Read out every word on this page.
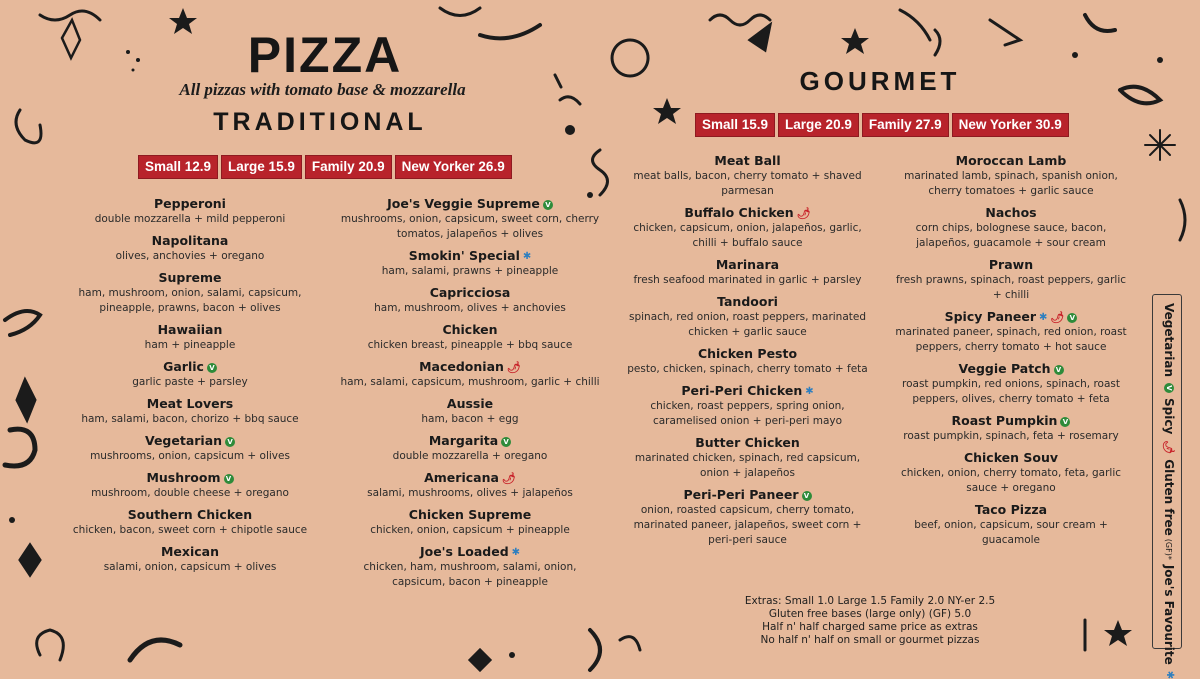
PIZZA
All pizzas with tomato base & mozzarella
TRADITIONAL
GOURMET
Small 12.9	Large 15.9	Family 20.9	New Yorker 26.9
Small 15.9	Large 20.9	Family 27.9	New Yorker 30.9
Pepperoni
double mozzarella + mild pepperoni
Napolitana
olives, anchovies + oregano
Supreme
ham, mushroom, onion, salami, capsicum, pineapple, prawns, bacon + olives
Hawaiian
ham + pineapple
Garlic V
garlic paste + parsley
Meat Lovers
ham, salami, bacon, chorizo + bbq sauce
Vegetarian V
mushrooms, onion, capsicum + olives
Mushroom V
mushroom, double cheese + oregano
Southern Chicken
chicken, bacon, sweet corn + chipotle sauce
Mexican
salami, onion, capsicum + olives
Joe's Veggie Supreme V
mushrooms, onion, capsicum, sweet corn, cherry tomatos, jalapeños + olives
Smokin' Special ✱
ham, salami, prawns + pineapple
Capricciosa
ham, mushroom, olives + anchovies
Chicken
chicken breast, pineapple + bbq sauce
Macedonian 🌶
ham, salami, capsicum, mushroom, garlic + chilli
Aussie
ham, bacon + egg
Margarita V
double mozzarella + oregano
Americana 🌶
salami, mushrooms, olives + jalapeños
Chicken Supreme
chicken, onion, capsicum + pineapple
Joe's Loaded ✱
chicken, ham, mushroom, salami, onion, capsicum, bacon + pineapple
Meat Ball
meat balls, bacon, cherry tomato + shaved parmesan
Buffalo Chicken 🌶
chicken, capsicum, onion, jalapeños, garlic, chilli + buffalo sauce
Marinara
fresh seafood marinated in garlic + parsley
Tandoori
spinach, red onion, roast peppers, marinated chicken + garlic sauce
Chicken Pesto
pesto, chicken, spinach, cherry tomato + feta
Peri-Peri Chicken ✱
chicken, roast peppers, spring onion, caramelised onion + peri-peri mayo
Butter Chicken
marinated chicken, spinach, red capsicum, onion + jalapeños
Peri-Peri Paneer V
onion, roasted capsicum, cherry tomato, marinated paneer, jalapeños, sweet corn + peri-peri sauce
Moroccan Lamb
marinated lamb, spinach, spanish onion, cherry tomatoes + garlic sauce
Nachos
corn chips, bolognese sauce, bacon, jalapeños, guacamole + sour cream
Prawn
fresh prawns, spinach, roast peppers, garlic + chilli
Spicy Paneer ✱ 🌶 V
marinated paneer, spinach, red onion, roast peppers, cherry tomato + hot sauce
Veggie Patch V
roast pumpkin, red onions, spinach, roast peppers, olives, cherry tomato + feta
Roast Pumpkin V
roast pumpkin, spinach, feta + rosemary
Chicken Souv
chicken, onion, cherry tomato, feta, garlic sauce + oregano
Taco Pizza
beef, onion, capsicum, sour cream + guacamole
Extras: Small 1.0 Large 1.5 Family 2.0 NY-er 2.5
Gluten free bases (large only) (GF) 5.0
Half n' half charged same price as extras
No half n' half on small or gourmet pizzas
Vegetarian
V
Spicy
🌶
Gluten free
(GF)*
Joe's Favourite
✱
